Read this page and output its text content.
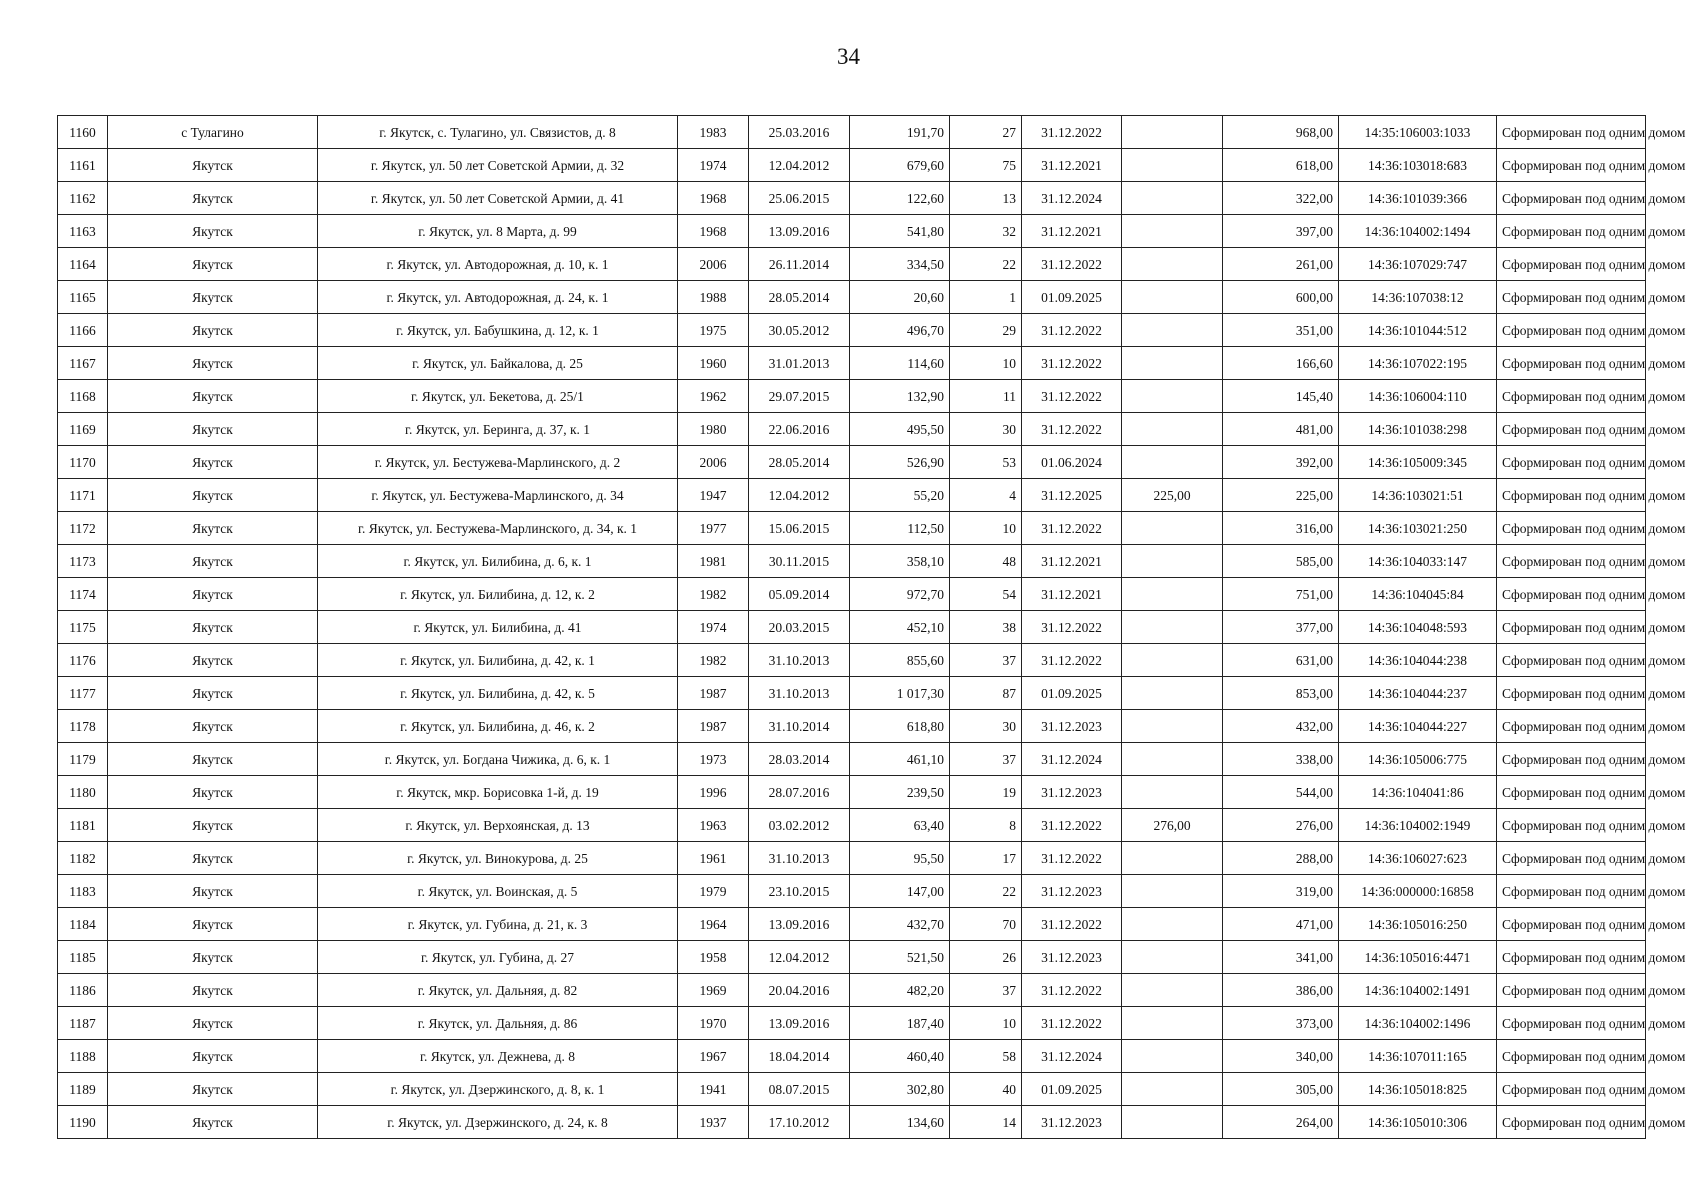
34
1160	с Тулагино	г. Якутск, с. Тулагино, ул. Связистов, д. 8	1983	25.03.2016	191,70	27	31.12.2022		968,00	14:35:106003:1033	Сформирован под одним домом
1161	Якутск	г. Якутск, ул. 50 лет Советской Армии, д. 32	1974	12.04.2012	679,60	75	31.12.2021		618,00	14:36:103018:683	Сформирован под одним домом
1162	Якутск	г. Якутск, ул. 50 лет Советской Армии, д. 41	1968	25.06.2015	122,60	13	31.12.2024		322,00	14:36:101039:366	Сформирован под одним домом
1163	Якутск	г. Якутск, ул. 8 Марта, д. 99	1968	13.09.2016	541,80	32	31.12.2021		397,00	14:36:104002:1494	Сформирован под одним домом
1164	Якутск	г. Якутск, ул. Автодорожная, д. 10, к. 1	2006	26.11.2014	334,50	22	31.12.2022		261,00	14:36:107029:747	Сформирован под одним домом
1165	Якутск	г. Якутск, ул. Автодорожная, д. 24, к. 1	1988	28.05.2014	20,60	1	01.09.2025		600,00	14:36:107038:12	Сформирован под одним домом
1166	Якутск	г. Якутск, ул. Бабушкина, д. 12, к. 1	1975	30.05.2012	496,70	29	31.12.2022		351,00	14:36:101044:512	Сформирован под одним домом
1167	Якутск	г. Якутск, ул. Байкалова, д. 25	1960	31.01.2013	114,60	10	31.12.2022		166,60	14:36:107022:195	Сформирован под одним домом
1168	Якутск	г. Якутск, ул. Бекетова, д. 25/1	1962	29.07.2015	132,90	11	31.12.2022		145,40	14:36:106004:110	Сформирован под одним домом
1169	Якутск	г. Якутск, ул. Беринга, д. 37, к. 1	1980	22.06.2016	495,50	30	31.12.2022		481,00	14:36:101038:298	Сформирован под одним домом
1170	Якутск	г. Якутск, ул. Бестужева-Марлинского, д. 2	2006	28.05.2014	526,90	53	01.06.2024		392,00	14:36:105009:345	Сформирован под одним домом
1171	Якутск	г. Якутск, ул. Бестужева-Марлинского, д. 34	1947	12.04.2012	55,20	4	31.12.2025	225,00	225,00	14:36:103021:51	Сформирован под одним домом
1172	Якутск	г. Якутск, ул. Бестужева-Марлинского, д. 34, к. 1	1977	15.06.2015	112,50	10	31.12.2022		316,00	14:36:103021:250	Сформирован под одним домом
1173	Якутск	г. Якутск, ул. Билибина, д. 6, к. 1	1981	30.11.2015	358,10	48	31.12.2021		585,00	14:36:104033:147	Сформирован под одним домом
1174	Якутск	г. Якутск, ул. Билибина, д. 12, к. 2	1982	05.09.2014	972,70	54	31.12.2021		751,00	14:36:104045:84	Сформирован под одним домом
1175	Якутск	г. Якутск, ул. Билибина, д. 41	1974	20.03.2015	452,10	38	31.12.2022		377,00	14:36:104048:593	Сформирован под одним домом
1176	Якутск	г. Якутск, ул. Билибина, д. 42, к. 1	1982	31.10.2013	855,60	37	31.12.2022		631,00	14:36:104044:238	Сформирован под одним домом
1177	Якутск	г. Якутск, ул. Билибина, д. 42, к. 5	1987	31.10.2013	1 017,30	87	01.09.2025		853,00	14:36:104044:237	Сформирован под одним домом
1178	Якутск	г. Якутск, ул. Билибина, д. 46, к. 2	1987	31.10.2014	618,80	30	31.12.2023		432,00	14:36:104044:227	Сформирован под одним домом
1179	Якутск	г. Якутск, ул. Богдана Чижика, д. 6, к. 1	1973	28.03.2014	461,10	37	31.12.2024		338,00	14:36:105006:775	Сформирован под одним домом
1180	Якутск	г. Якутск, мкр. Борисовка 1-й, д. 19	1996	28.07.2016	239,50	19	31.12.2023		544,00	14:36:104041:86	Сформирован под одним домом
1181	Якутск	г. Якутск, ул. Верхоянская, д. 13	1963	03.02.2012	63,40	8	31.12.2022	276,00	276,00	14:36:104002:1949	Сформирован под одним домом
1182	Якутск	г. Якутск, ул. Винокурова, д. 25	1961	31.10.2013	95,50	17	31.12.2022		288,00	14:36:106027:623	Сформирован под одним домом
1183	Якутск	г. Якутск, ул. Воинская, д. 5	1979	23.10.2015	147,00	22	31.12.2023		319,00	14:36:000000:16858	Сформирован под одним домом
1184	Якутск	г. Якутск, ул. Губина, д. 21, к. 3	1964	13.09.2016	432,70	70	31.12.2022		471,00	14:36:105016:250	Сформирован под одним домом
1185	Якутск	г. Якутск, ул. Губина, д. 27	1958	12.04.2012	521,50	26	31.12.2023		341,00	14:36:105016:4471	Сформирован под одним домом
1186	Якутск	г. Якутск, ул. Дальняя, д. 82	1969	20.04.2016	482,20	37	31.12.2022		386,00	14:36:104002:1491	Сформирован под одним домом
1187	Якутск	г. Якутск, ул. Дальняя, д. 86	1970	13.09.2016	187,40	10	31.12.2022		373,00	14:36:104002:1496	Сформирован под одним домом
1188	Якутск	г. Якутск, ул. Дежнева, д. 8	1967	18.04.2014	460,40	58	31.12.2024		340,00	14:36:107011:165	Сформирован под одним домом
1189	Якутск	г. Якутск, ул. Дзержинского, д. 8, к. 1	1941	08.07.2015	302,80	40	01.09.2025		305,00	14:36:105018:825	Сформирован под одним домом
1190	Якутск	г. Якутск, ул. Дзержинского, д. 24, к. 8	1937	17.10.2012	134,60	14	31.12.2023		264,00	14:36:105010:306	Сформирован под одним домом
